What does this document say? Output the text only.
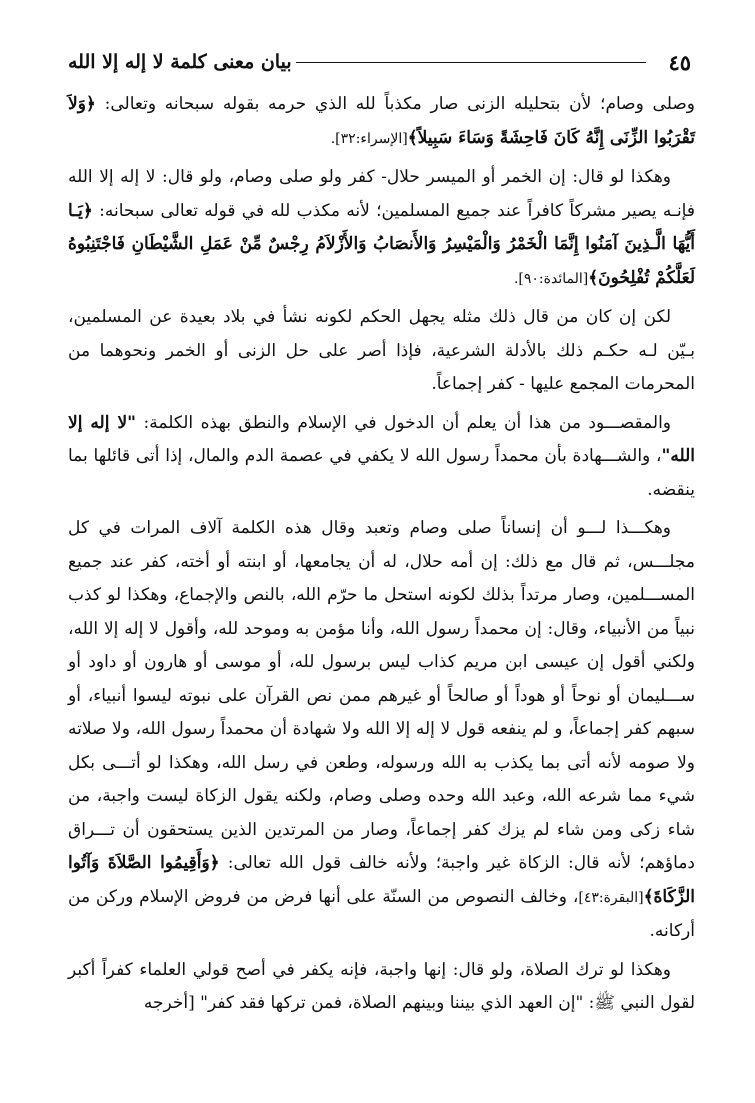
٤٥
بيان معنى كلمة لا إله إلا الله

وصلى وصام؛ لأن بتحليله الزنى صار مكذباً لله الذي حرمه بقوله سبحانه وتعالى: ﴿وَلاَ تَقْرَبُوا الزِّنَى إِنَّهُ كَانَ فَاحِشَةً وَسَاءَ سَبِيلاً﴾[الإسراء:٣٢].

وهكذا لو قال: إن الخمر أو الميسر حلال- كفر ولو صلى وصام، ولو قال: لا إله إلا الله فإنـه يصير مشركاً كافراً عند جميع المسلمين؛ لأنه مكذب لله في قوله تعالى سبحانه: ﴿يَـا أَيُّهَا الَّـذِينَ آمَنُوا إِنَّمَا الْخَمْرُ وَالْمَيْسِرُ وَالأَنصَابُ وَالأَزْلاَمُ رِجْسٌ مِّنْ عَمَلِ الشَّيْطَانِ فَاجْتَنِبُوهُ لَعَلَّكُمْ تُفْلِحُونَ﴾[المائدة:٩٠].

لكن إن كان من قال ذلك مثله يجهل الحكم لكونه نشأ في بلاد بعيدة عن المسلمين، بـيّن لـه حكـم ذلك بالأدلة الشرعية، فإذا أصر على حل الزنى أو الخمر ونحوهما من المحرمات المجمع عليها - كفر إجماعاً.

والمقصـــود من هذا أن يعلم أن الدخول في الإسلام والنطق بهذه الكلمة: "لا إله إلا الله"، والشـــهادة بأن محمداً رسول الله لا يكفي في عصمة الدم والمال، إذا أتى قائلها بما ينقضه.

وهكـــذا لـــو أن إنساناً صلى وصام وتعبد وقال هذه الكلمة آلاف المرات في كل مجلـــس، ثم قال مع ذلك: إن أمه حلال، له أن يجامعها، أو ابنته أو أخته، كفر عند جميع المســـلمين، وصار مرتداً بذلك لكونه استحل ما حرّم الله، بالنص والإجماع، وهكذا لو كذب نبياً من الأنبياء، وقال: إن محمداً رسول الله، وأنا مؤمن به وموحد لله، وأقول لا إله إلا الله، ولكني أقول إن عيسى ابن مريم كذاب ليس برسول لله، أو موسى أو هارون أو داود أو ســـليمان أو نوحاً أو هوداً أو صالحاً أو غيرهم ممن نص القرآن على نبوته ليسوا أنبياء، أو سبهم كفر إجماعاً، و لم ينفعه قول لا إله إلا الله ولا شهادة أن محمداً رسول الله، ولا صلاته ولا صومه لأنه أتى بما يكذب به الله ورسوله، وطعن في رسل الله، وهكذا لو أتـــى بكل شيء مما شرعه الله، وعبد الله وحده وصلى وصام، ولكنه يقول الزكاة ليست واجبة، من شاء زكى ومن شاء لم يزك كفر إجماعاً، وصار من المرتدين الذين يستحقون أن تـــراق دماؤهم؛ لأنه قال: الزكاة غير واجبة؛ ولأنه خالف قول الله تعالى: ﴿وَأَقِيمُوا الصَّلاَةَ وَآتُوا الزَّكَاةَ﴾[البقرة:٤٣]، وخالف النصوص من السنّة على أنها فرض من فروض الإسلام وركن من أركانه.

وهكذا لو ترك الصلاة، ولو قال: إنها واجبة، فإنه يكفر في أصح قولي العلماء كفراً أكبر لقول النبي ﷺ: "إن العهد الذي بيننا وبينهم الصلاة، فمن تركها فقد كفر" [أخرجه
